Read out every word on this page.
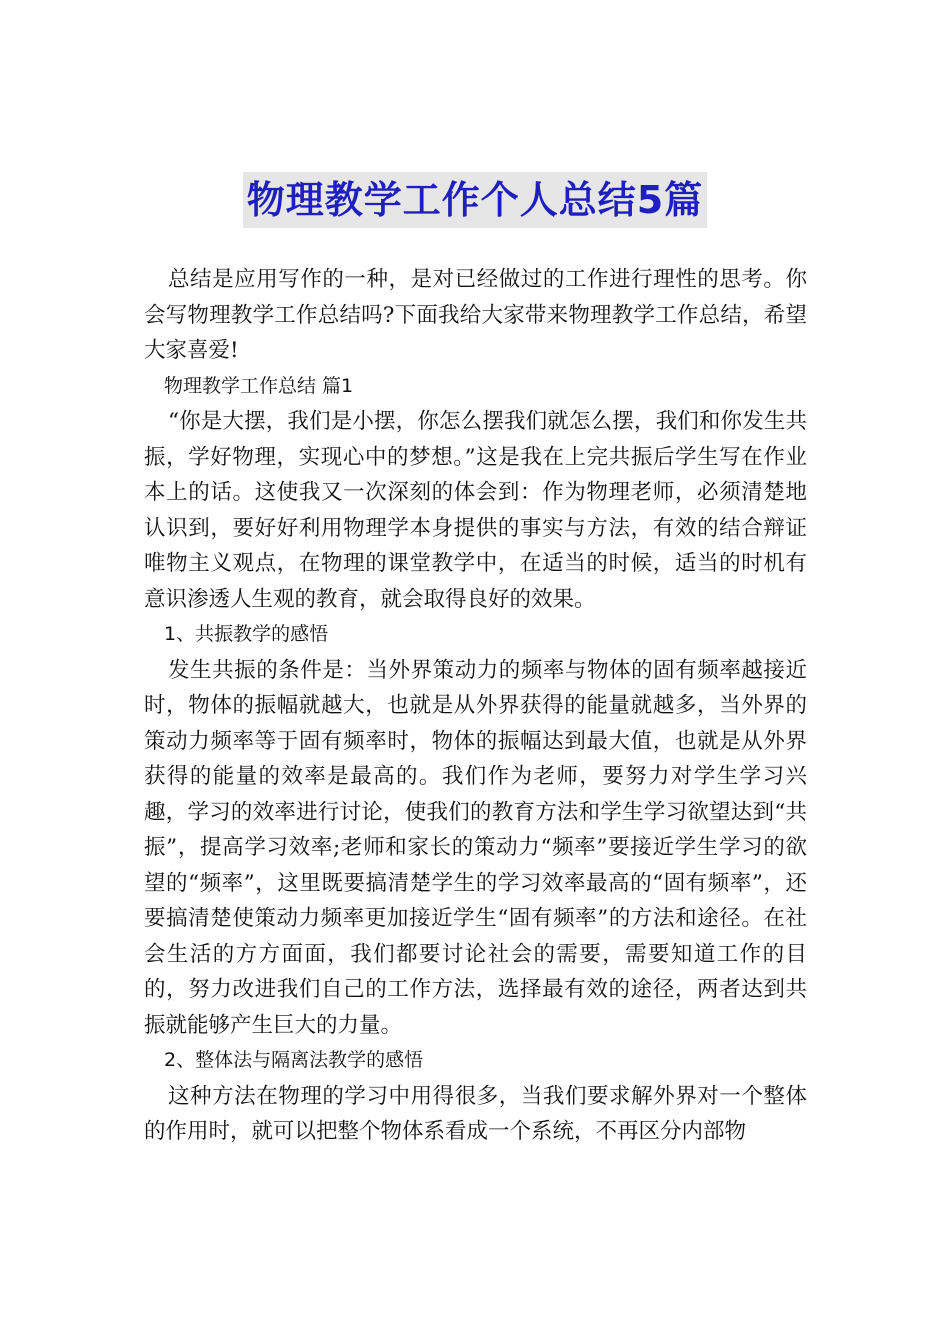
物理教学工作个人总结5篇

总结是应用写作的一种，是对已经做过的工作进行理性的思考。你会写物理教学工作总结吗?下面我给大家带来物理教学工作总结，希望大家喜爱!

物理教学工作总结 篇1

“你是大摆，我们是小摆，你怎么摆我们就怎么摆，我们和你发生共振，学好物理，实现心中的梦想。”这是我在上完共振后学生写在作业本上的话。这使我又一次深刻的体会到：作为物理老师，必须清楚地认识到，要好好利用物理学本身提供的事实与方法，有效的结合辩证唯物主义观点，在物理的课堂教学中，在适当的时候，适当的时机有意识渗透人生观的教育，就会取得良好的效果。

1、共振教学的感悟

发生共振的条件是：当外界策动力的频率与物体的固有频率越接近时，物体的振幅就越大，也就是从外界获得的能量就越多，当外界的策动力频率等于固有频率时，物体的振幅达到最大值，也就是从外界获得的能量的效率是最高的。我们作为老师，要努力对学生学习兴趣，学习的效率进行讨论，使我们的教育方法和学生学习欲望达到“共振”，提高学习效率;老师和家长的策动力“频率”要接近学生学习的欲望的“频率”，这里既要搞清楚学生的学习效率最高的“固有频率”，还要搞清楚使策动力频率更加接近学生“固有频率”的方法和途径。在社会生活的方方面面，我们都要讨论社会的需要，需要知道工作的目的，努力改进我们自己的工作方法，选择最有效的途径，两者达到共振就能够产生巨大的力量。

2、整体法与隔离法教学的感悟

这种方法在物理的学习中用得很多，当我们要求解外界对一个整体的作用时，就可以把整个物体系看成一个系统，不再区分内部物
